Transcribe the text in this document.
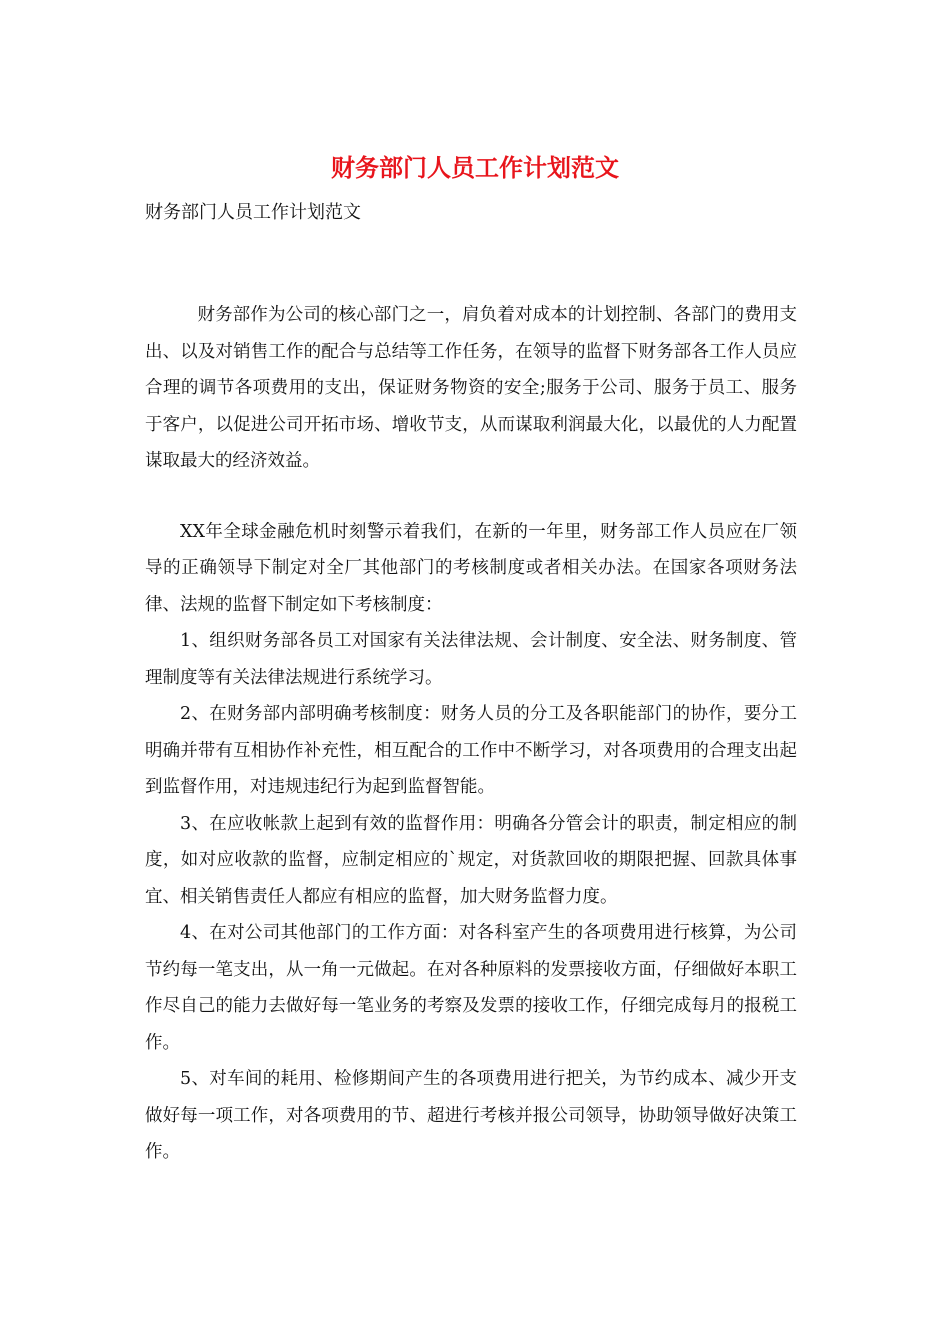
财务部门人员工作计划范文
财务部门人员工作计划范文

财务部作为公司的核心部门之一，肩负着对成本的计划控制、各部门的费用支出、以及对销售工作的配合与总结等工作任务，在领导的监督下财务部各工作人员应合理的调节各项费用的支出，保证财务物资的安全;服务于公司、服务于员工、服务于客户，以促进公司开拓市场、增收节支，从而谋取利润最大化，以最优的人力配置谋取最大的经济效益。

XX年全球金融危机时刻警示着我们，在新的一年里，财务部工作人员应在厂领导的正确领导下制定对全厂其他部门的考核制度或者相关办法。在国家各项财务法律、法规的监督下制定如下考核制度：

1、组织财务部各员工对国家有关法律法规、会计制度、安全法、财务制度、管理制度等有关法律法规进行系统学习。

2、在财务部内部明确考核制度：财务人员的分工及各职能部门的协作，要分工明确并带有互相协作补充性，相互配合的工作中不断学习，对各项费用的合理支出起到监督作用，对违规违纪行为起到监督智能。

3、在应收帐款上起到有效的监督作用：明确各分管会计的职责，制定相应的制度，如对应收款的监督，应制定相应的`规定，对货款回收的期限把握、回款具体事宜、相关销售责任人都应有相应的监督，加大财务监督力度。

4、在对公司其他部门的工作方面：对各科室产生的各项费用进行核算，为公司节约每一笔支出，从一角一元做起。在对各种原料的发票接收方面，仔细做好本职工作尽自己的能力去做好每一笔业务的考察及发票的接收工作，仔细完成每月的报税工作。

5、对车间的耗用、检修期间产生的各项费用进行把关，为节约成本、减少开支做好每一项工作，对各项费用的节、超进行考核并报公司领导，协助领导做好决策工作。
